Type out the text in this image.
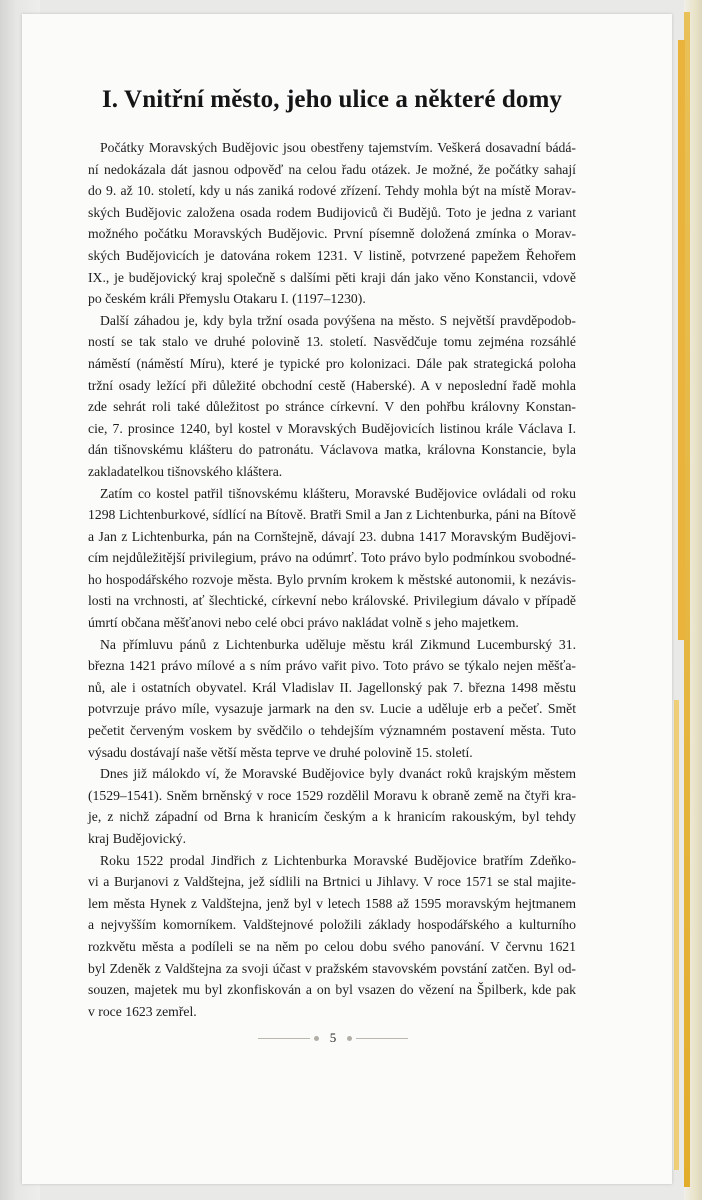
I. Vnitřní město, jeho ulice a některé domy

Počátky Moravských Budějovic jsou obestřeny tajemstvím. Veškerá dosavadní bádá-

ní nedokázala dát jasnou odpověď na celou řadu otázek. Je možné, že počátky sahají

do 9. až 10. století, kdy u nás zaniká rodové zřízení. Tehdy mohla být na místě Morav-

ských Budějovic založena osada rodem Budijoviců či Budějů. Toto je jedna z variant

možného počátku Moravských Budějovic. První písemně doložená zmínka o Morav-

ských Budějovicích je datována rokem 1231. V listině, potvrzené papežem Řehořem

IX., je budějovický kraj společně s dalšími pěti kraji dán jako věno Konstancii, vdově

po českém králi Přemyslu Otakaru I. (1197–1230).

Další záhadou je, kdy byla tržní osada povýšena na město. S největší pravděpodob-

ností se tak stalo ve druhé polovině 13. století. Nasvědčuje tomu zejména rozsáhlé

náměstí (náměstí Míru), které je typické pro kolonizaci. Dále pak strategická poloha

tržní osady ležící při důležité obchodní cestě (Haberské). A v neposlední řadě mohla

zde sehrát roli také důležitost po stránce církevní. V den pohřbu královny Konstan-

cie, 7. prosince 1240, byl kostel v Moravských Budějovicích listinou krále Václava I.

dán tišnovskému klášteru do patronátu. Václavova matka, královna Konstancie, byla

zakladatelkou tišnovského kláštera.

Zatím co kostel patřil tišnovskému klášteru, Moravské Budějovice ovládali od roku

1298 Lichtenburkové, sídlící na Bítově. Bratři Smil a Jan z Lichtenburka, páni na Bítově

a Jan z Lichtenburka, pán na Cornštejně, dávají 23. dubna 1417 Moravským Budějovi-

cím nejdůležitější privilegium, právo na odúmrť. Toto právo bylo podmínkou svobodné-

ho hospodářského rozvoje města. Bylo prvním krokem k městské autonomii, k nezávis-

losti na vrchnosti, ať šlechtické, církevní nebo královské. Privilegium dávalo v případě

úmrtí občana měšťanovi nebo celé obci právo nakládat volně s jeho majetkem.

Na přímluvu pánů z Lichtenburka uděluje městu král Zikmund Lucemburský 31.

března 1421 právo mílové a s ním právo vařit pivo. Toto právo se týkalo nejen měšťa-

nů, ale i ostatních obyvatel. Král Vladislav II. Jagellonský pak 7. března 1498 městu

potvrzuje právo míle, vysazuje jarmark na den sv. Lucie a uděluje erb a pečeť. Smět

pečetit červeným voskem by svědčilo o tehdejším významném postavení města. Tuto

výsadu dostávají naše větší města teprve ve druhé polovině 15. století.

Dnes již málokdo ví, že Moravské Budějovice byly dvanáct roků krajským městem

(1529–1541). Sněm brněnský v roce 1529 rozdělil Moravu k obraně země na čtyři kra-

je, z nichž západní od Brna k hranicím českým a k hranicím rakouským, byl tehdy

kraj Budějovický.

Roku 1522 prodal Jindřich z Lichtenburka Moravské Budějovice bratřím Zdeňko-

vi a Burjanovi z Valdštejna, jež sídlili na Brtnici u Jihlavy. V roce 1571 se stal majite-

lem města Hynek z Valdštejna, jenž byl v letech 1588 až 1595 moravským hejtmanem

a nejvyšším komorníkem. Valdštejnové položili základy hospodářského a kulturního

rozkvětu města a podíleli se na něm po celou dobu svého panování. V červnu 1621

byl Zdeněk z Valdštejna za svoji účast v pražském stavovském povstání zatčen. Byl od-

souzen, majetek mu byl zkonfiskován a on byl vsazen do vězení na Špilberk, kde pak

v roce 1623 zemřel.

5
